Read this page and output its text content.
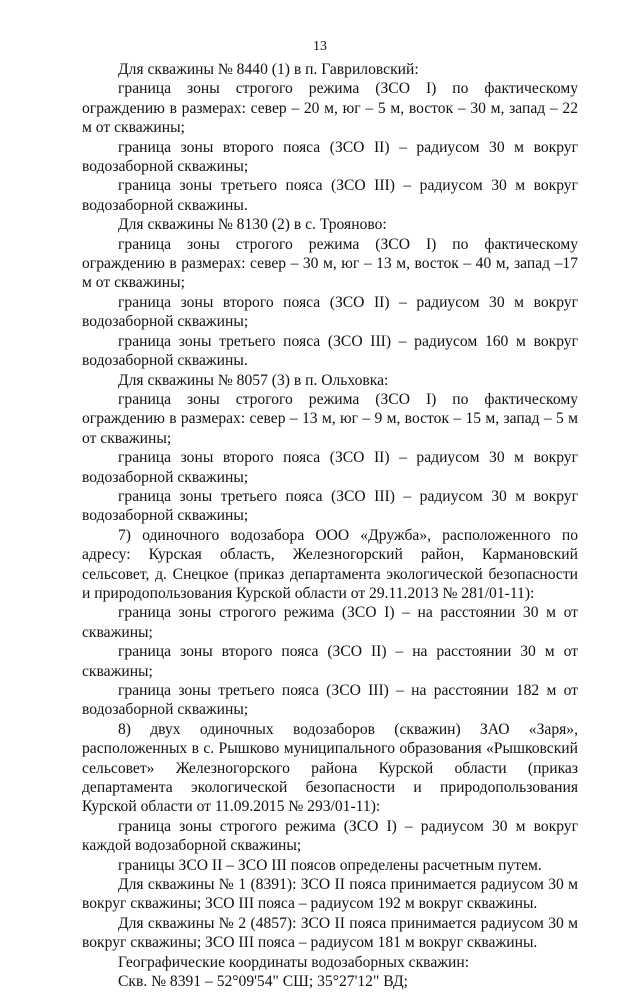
13

Для скважины № 8440 (1) в п. Гавриловский:

граница зоны строгого режима (ЗСО I) по фактическому ограждению в размерах: север – 20 м, юг – 5 м, восток – 30 м, запад – 22 м от скважины;

граница зоны второго пояса (ЗСО II) – радиусом 30 м вокруг водозаборной скважины;

граница зоны третьего пояса (ЗСО III) – радиусом 30 м вокруг водозаборной скважины.

Для скважины № 8130 (2) в с. Трояново:

граница зоны строгого режима (ЗСО I) по фактическому ограждению в размерах: север – 30 м, юг – 13 м, восток – 40 м, запад –17 м от скважины;

граница зоны второго пояса (ЗСО II) – радиусом 30 м вокруг водозаборной скважины;

граница зоны третьего пояса (ЗСО III) – радиусом 160 м вокруг водозаборной скважины.

Для скважины № 8057 (3) в п. Ольховка:

граница зоны строгого режима (ЗСО I) по фактическому ограждению в размерах: север – 13 м, юг – 9 м, восток – 15 м, запад – 5 м от скважины;

граница зоны второго пояса (ЗСО II) – радиусом 30 м вокруг водозаборной скважины;

граница зоны третьего пояса (ЗСО III) – радиусом 30 м вокруг водозаборной скважины;

7) одиночного водозабора ООО «Дружба», расположенного по адресу: Курская область, Железногорский район, Кармановский сельсовет, д. Снецкое (приказ департамента экологической безопасности и природопользования Курской области от 29.11.2013 № 281/01-11):

граница зоны строгого режима (ЗСО I) – на расстоянии 30 м от скважины;

граница зоны второго пояса (ЗСО II) – на расстоянии 30 м от скважины;

граница зоны третьего пояса (ЗСО III) – на расстоянии 182 м от водозаборной скважины;

8) двух одиночных водозаборов (скважин) ЗАО «Заря», расположенных в с. Рышково муниципального образования «Рышковский сельсовет» Железногорского района Курской области (приказ департамента экологической безопасности и природопользования Курской области от 11.09.2015 № 293/01-11):

граница зоны строгого режима (ЗСО I) – радиусом 30 м вокруг каждой водозаборной скважины;

границы ЗСО II – ЗСО III поясов определены расчетным путем.

Для скважины № 1 (8391): ЗСО II пояса принимается радиусом 30 м вокруг скважины; ЗСО III пояса – радиусом 192 м вокруг скважины.

Для скважины № 2 (4857): ЗСО II пояса принимается радиусом 30 м вокруг скважины; ЗСО III пояса – радиусом 181 м вокруг скважины.

Географические координаты водозаборных скважин:

Скв. № 8391 – 52°09'54" СШ; 35°27'12" ВД;
